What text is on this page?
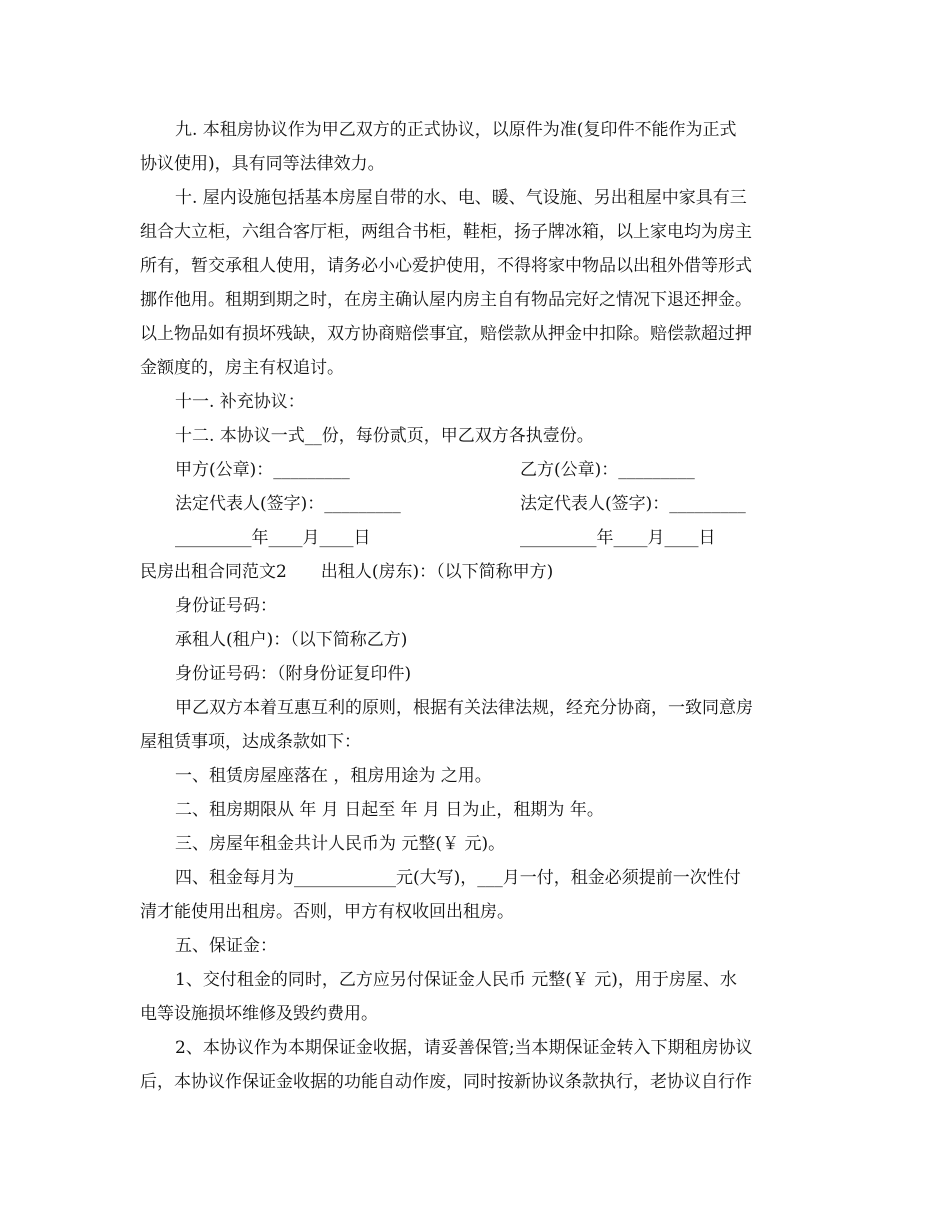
九. 本租房协议作为甲乙双方的正式协议，以原件为准(复印件不能作为正式
协议使用)，具有同等法律效力。
十. 屋内设施包括基本房屋自带的水、电、暖、气设施、另出租屋中家具有三
组合大立柜，六组合客厅柜，两组合书柜，鞋柜，扬子牌冰箱，以上家电均为房主
所有，暂交承租人使用，请务必小心爱护使用，不得将家中物品以出租外借等形式
挪作他用。租期到期之时，在房主确认屋内房主自有物品完好之情况下退还押金。
以上物品如有损坏残缺，双方协商赔偿事宜，赔偿款从押金中扣除。赔偿款超过押
金额度的，房主有权追讨。
十一. 补充协议：
十二. 本协议一式__份，每份贰页，甲乙双方各执壹份。
甲方(公章)：_________	乙方(公章)：_________
法定代表人(签字)：_________	法定代表人(签字)：_________
_________年____月____日	_________年____月____日
民房出租合同范文2　　出租人(房东)：（以下简称甲方)
身份证号码：
承租人(租户)：（以下简称乙方)
身份证号码：（附身份证复印件)
甲乙双方本着互惠互利的原则，根据有关法律法规，经充分协商，一致同意房
屋租赁事项，达成条款如下：
一、租赁房屋座落在 ，租房用途为 之用。
二、租房期限从 年 月 日起至 年 月 日为止，租期为 年。
三、房屋年租金共计人民币为 元整(￥ 元)。
四、租金每月为____________元(大写)，___月一付，租金必须提前一次性付
清才能使用出租房。否则，甲方有权收回出租房。
五、保证金：
1、交付租金的同时，乙方应另付保证金人民币 元整(￥ 元)，用于房屋、水
电等设施损坏维修及毁约费用。
2、本协议作为本期保证金收据，请妥善保管;当本期保证金转入下期租房协议
后，本协议作保证金收据的功能自动作废，同时按新协议条款执行，老协议自行作
